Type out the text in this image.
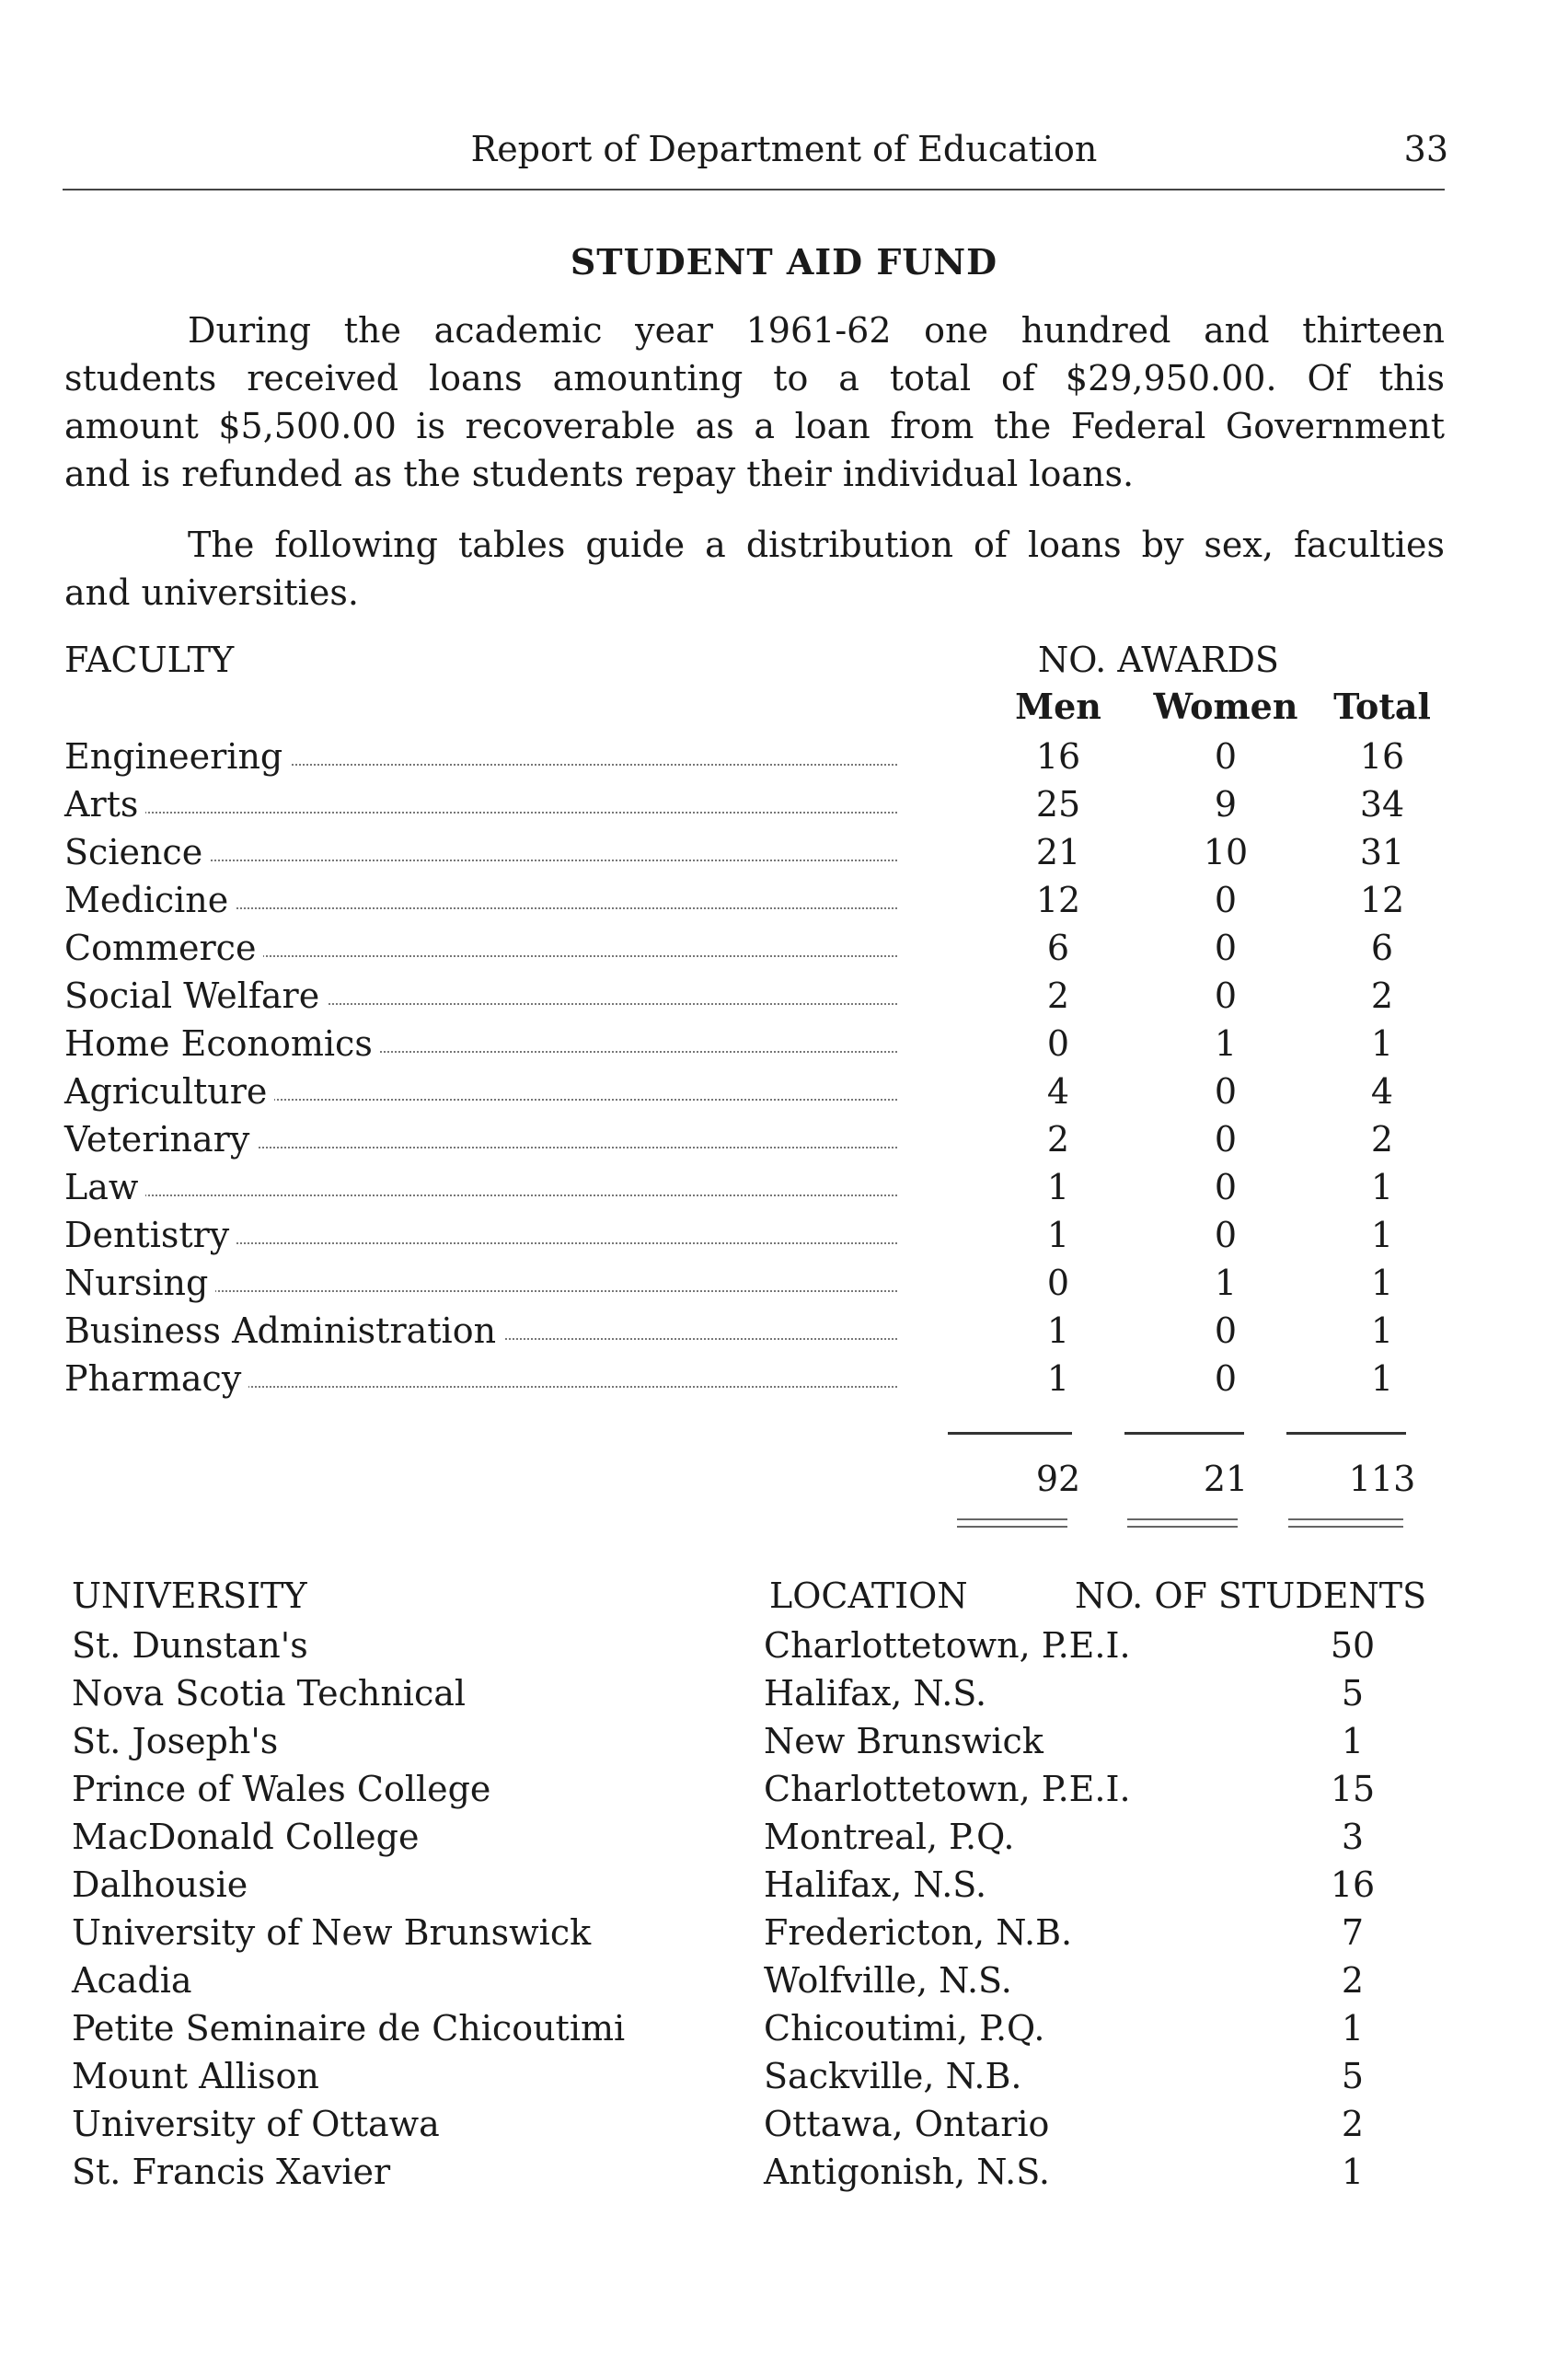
Report of Department of Education	33
STUDENT AID FUND
During the academic year 1961-62 one hundred and thirteen
students received loans amounting to a total of $29,950.00. Of this
amount $5,500.00 is recoverable as a loan from the Federal Government
and is refunded as the students repay their individual loans.
The following tables guide a distribution of loans by sex, faculties
and universities.
FACULTY	NO. AWARDS
Men	Women Total
Engineering	16	0	16
Arts	25	9	34
Science	21	10	31
Medicine	12	0	12
Commerce	6	0	6
Social Welfare	2	0	2
Home Economics	0	1	1
Agriculture	4	0	4
Veterinary	2	0	2
Law	1	0	1
Dentistry	1	0	1
Nursing	0	1	1
Business Administration	1	0	1
Pharmacy	1	0	1
92	21	113
UNIVERSITY	LOCATION	NO. OF STUDENTS
St. Dunstan's	Charlottetown, P.E.I.	50
Nova Scotia Technical	Halifax, N.S.	5
St. Joseph's	New Brunswick	1
Prince of Wales College	Charlottetown, P.E.I.	15
MacDonald College	Montreal, P.Q.	3
Dalhousie	Halifax, N.S.	16
University of New Brunswick	Fredericton, N.B.	7
Acadia	Wolfville, N.S.	2
Petite Seminaire de Chicoutimi	Chicoutimi, P.Q.	1
Mount Allison	Sackville, N.B.	5
University of Ottawa	Ottawa, Ontario	2
St. Francis Xavier	Antigonish, N.S.	1
